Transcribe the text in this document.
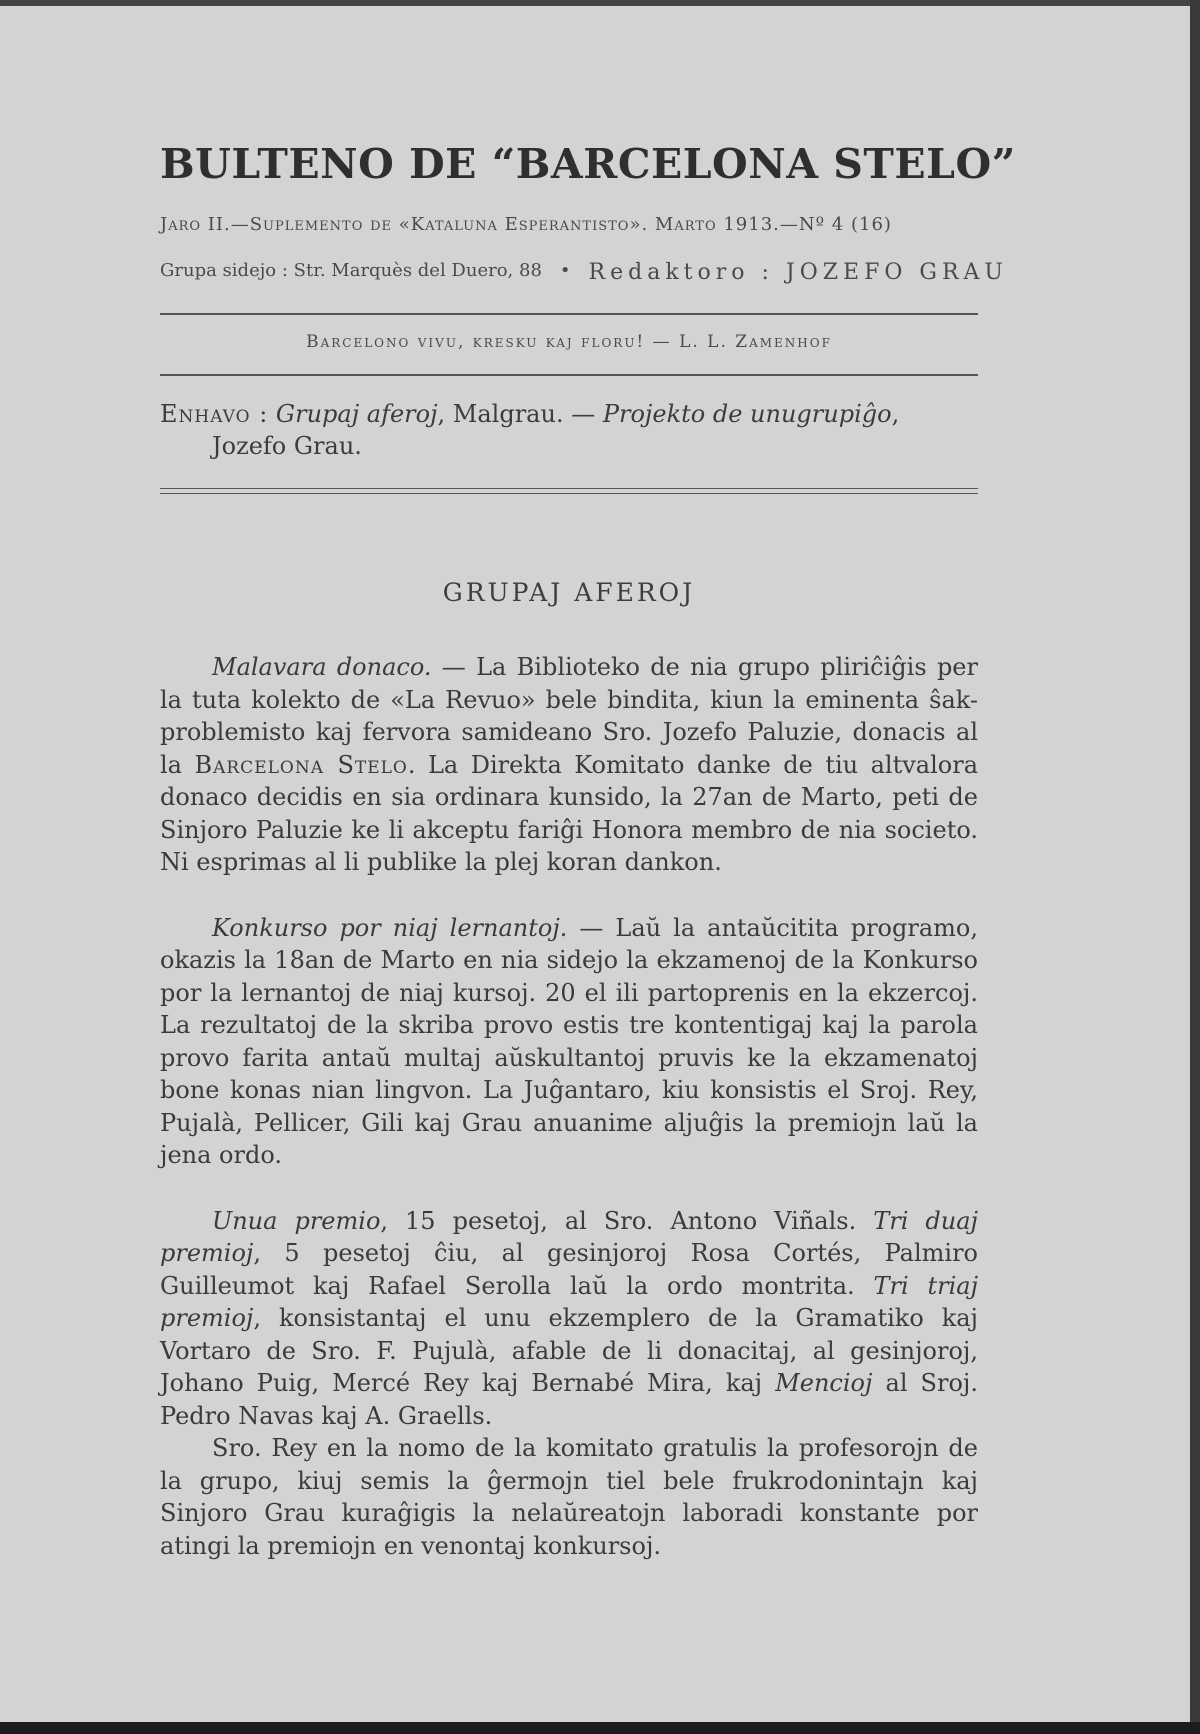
BULTENO DE “BARCELONA STELO”
Jaro II.—Suplemento de «Kataluna Esperantisto». Marto 1913.—Nº 4 (16)
Grupa sidejo : Str. Marquès del Duero, 88	• Redaktoro : JOZEFO GRAU
Barcelono vivu, kresku kaj floru! — L. L. Zamenhof
Enhavo : Grupaj aferoj, Malgrau. — Projekto de unugrupiĝo, Jozefo Grau.
GRUPAJ AFEROJ

Malavara donaco. — La Biblioteko de nia grupo pliriĉiĝis per la tuta kolekto de «La Revuo» bele bindita, kiun la eminenta ŝak-problemisto kaj fervora samideano Sro. Jozefo Paluzie, donacis al la Barcelona Stelo. La Direkta Komitato danke de tiu altvalora donaco decidis en sia ordinara kunsido, la 27an de Marto, peti de Sinjoro Paluzie ke li akceptu fariĝi Honora membro de nia societo. Ni esprimas al li publike la plej koran dankon.

Konkurso por niaj lernantoj. — Laŭ la antaŭcitita programo, okazis la 18an de Marto en nia sidejo la ekzamenoj de la Konkurso por la lernantoj de niaj kursoj. 20 el ili partoprenis en la ekzercoj. La rezultatoj de la skriba provo estis tre kontentigaj kaj la parola provo farita antaŭ multaj aŭskultantoj pruvis ke la ekzamenatoj bone konas nian lingvon. La Juĝantaro, kiu konsistis el Sroj. Rey, Pujalà, Pellicer, Gili kaj Grau anuanime aljuĝis la premiojn laŭ la jena ordo.

Unua premio, 15 pesetoj, al Sro. Antono Viñals. Tri duaj premioj, 5 pesetoj ĉiu, al gesinjoroj Rosa Cortés, Palmiro Guilleumot kaj Rafael Serolla laŭ la ordo montrita. Tri triaj premioj, konsistantaj el unu ekzemplero de la Gramatiko kaj Vortaro de Sro. F. Pujulà, afable de li donacitaj, al gesinjoroj, Johano Puig, Mercé Rey kaj Bernabé Mira, kaj Mencioj al Sroj. Pedro Navas kaj A. Graells.

Sro. Rey en la nomo de la komitato gratulis la profesorojn de la grupo, kiuj semis la ĝermojn tiel bele frukrodonintajn kaj Sinjoro Grau kuraĝigis la nelaŭreatojn laboradi konstante por atingi la premiojn en venontaj konkursoj.
